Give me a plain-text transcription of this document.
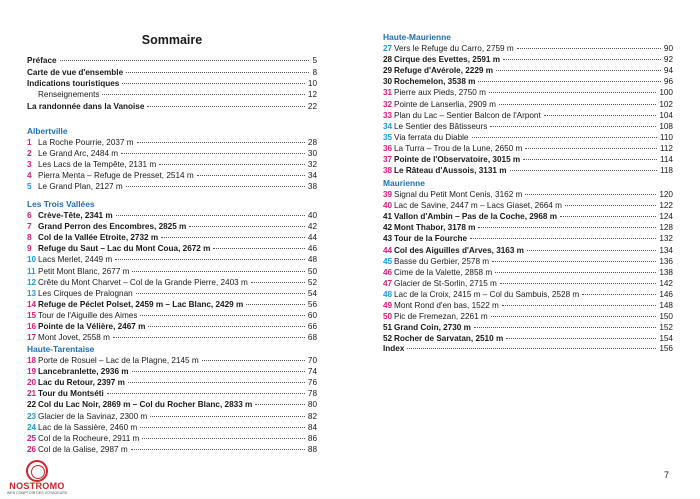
Sommaire
Préface	5
Carte de vue d'ensemble	8
Indications touristiques	10
Renseignements	12
La randonnée dans la Vanoise	22
Albertville
1 La Roche Pourrie, 2037 m	28
2 Le Grand Arc, 2484 m	30
3 Les Lacs de la Tempête, 2131 m	32
4 Pierra Menta – Refuge de Presset, 2514 m	34
5 Le Grand Plan, 2127 m	38
Les Trois Vallées
6 Crève-Tête, 2341 m	40
7 Grand Perron des Encombres, 2825 m	42
8 Col de la Vallée Etroite, 2732 m	44
9 Refuge du Saut – Lac du Mont Coua, 2672 m	46
10 Lacs Merlet, 2449 m	48
11 Petit Mont Blanc, 2677 m	50
12 Crête du Mont Charvet – Col de la Grande Pierre, 2403 m	52
13 Les Cirques de Pralognan	54
14 Refuge de Péclet Polset, 2459 m – Lac Blanc, 2429 m	56
15 Tour de l'Aiguille des Aimes	60
16 Pointe de la Vélière, 2467 m	66
17 Mont Jovet, 2558 m	68
Haute-Tarentaise
18 Porte de Rosuel – Lac de la Plagne, 2145 m	70
19 Lancebranlette, 2936 m	74
20 Lac du Retour, 2397 m	76
21 Tour du Montséti	78
22 Col du Lac Noir, 2869 m – Col du Rocher Blanc, 2833 m	80
23 Glacier de la Savinaz, 2300 m	82
24 Lac de la Sassière, 2460 m	84
25 Col de la Rocheure, 2911 m	86
26 Col de la Galise, 2987 m	88
Haute-Maurienne
27 Vers le Refuge du Carro, 2759 m	90
28 Cirque des Evettes, 2591 m	92
29 Refuge d'Avérole, 2229 m	94
30 Rochemelon, 3538 m	96
31 Pierre aux Pieds, 2750 m	100
32 Pointe de Lanserlia, 2909 m	102
33 Plan du Lac – Sentier Balcon de l'Arpont	104
34 Le Sentier des Bâtisseurs	108
35 Via ferrata du Diable	110
36 La Turra – Trou de la Lune, 2650 m	112
37 Pointe de l'Observatoire, 3015 m	114
38 Le Râteau d'Aussois, 3131 m	118
Maurienne
39 Signal du Petit Mont Cenis, 3162 m	120
40 Lac de Savine, 2447 m – Lacs Giaset, 2664 m	122
41 Vallon d'Ambin – Pas de la Coche, 2968 m	124
42 Mont Thabor, 3178 m	128
43 Tour de la Fourche	132
44 Col des Aiguilles d'Arves, 3163 m	134
45 Basse du Gerbier, 2578 m	136
46 Cime de la Valette, 2858 m	138
47 Glacier de St-Sorlin, 2715 m	142
48 Lac de la Croix, 2415 m – Col du Sambuis, 2528 m	146
49 Mont Rond d'en bas, 1522 m	148
50 Pic de Fremezan, 2261 m	150
51 Grand Coin, 2730 m	152
52 Rocher de Sarvatan, 2510 m	154
Index	156
NOSTROMO
WEB COMPTOIR DES VOYAGEURS
7
